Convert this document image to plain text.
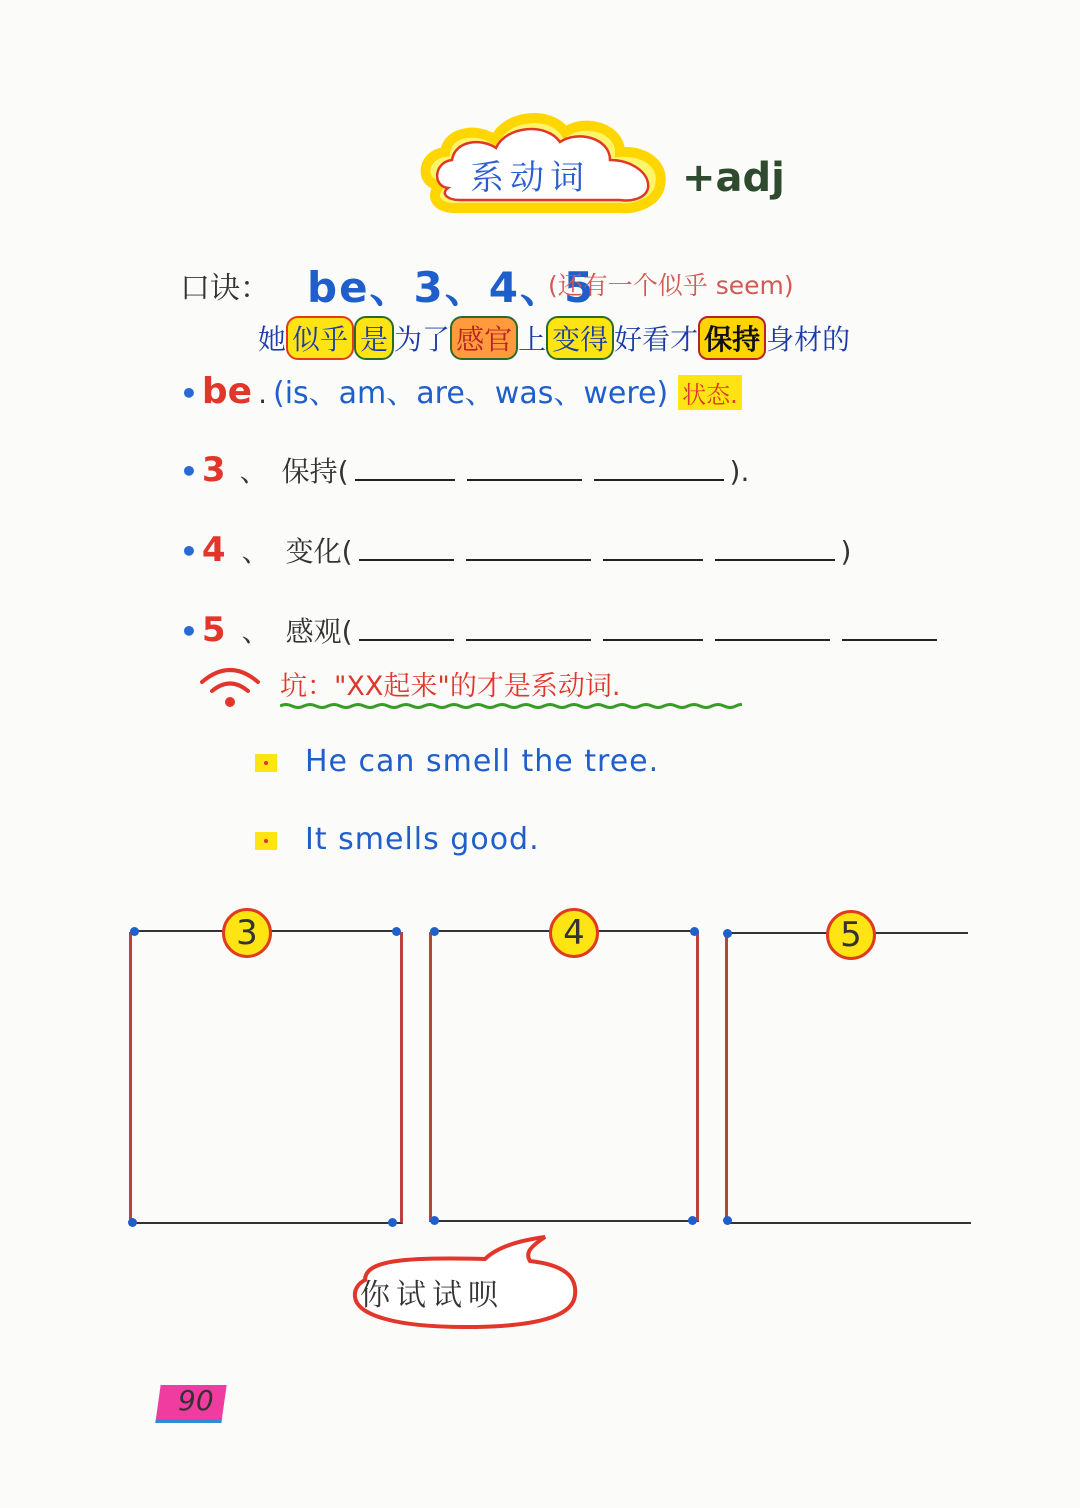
系动词 +adj
口诀： be、3、4、5
(还有一个似乎 seem)
她 似乎 是 为了 感官 上 变得 好看才 保持 身材的
• be . (is、am、are、was、were) 状态.
• 3 、 保持(	).
• 4 、 变化(	)
• 5 、 感观(
坑："XX起来"的才是系动词.
He can smell the tree.
It smells good.
3	4	5
你试试呗
90
